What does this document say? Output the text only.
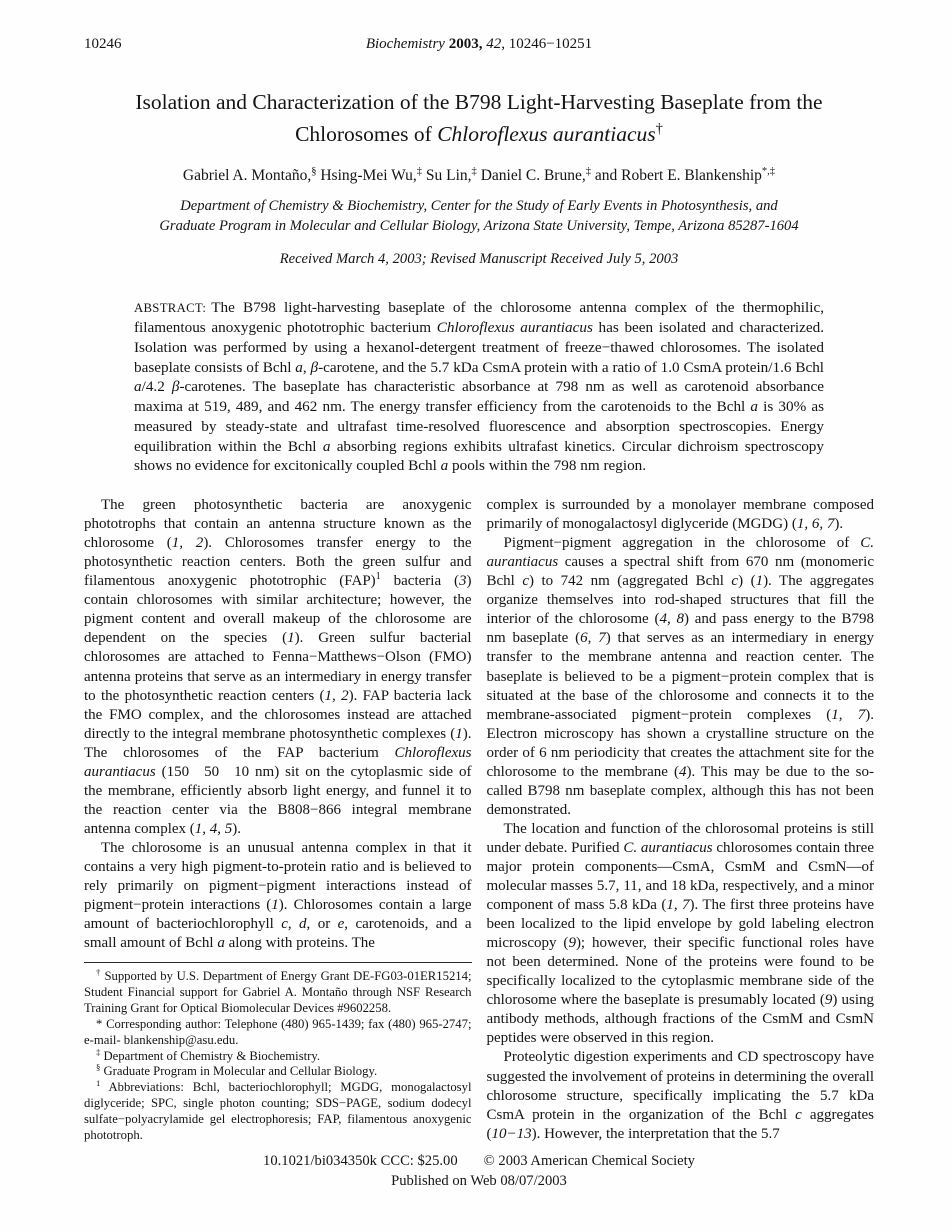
10246	Biochemistry 2003, 42, 10246−10251
Isolation and Characterization of the B798 Light-Harvesting Baseplate from the Chlorosomes of Chloroflexus aurantiacus†
Gabriel A. Montaño,§ Hsing-Mei Wu,‡ Su Lin,‡ Daniel C. Brune,‡ and Robert E. Blankenship*,‡
Department of Chemistry & Biochemistry, Center for the Study of Early Events in Photosynthesis, and
Graduate Program in Molecular and Cellular Biology, Arizona State University, Tempe, Arizona 85287-1604
Received March 4, 2003; Revised Manuscript Received July 5, 2003
ABSTRACT: The B798 light-harvesting baseplate of the chlorosome antenna complex of the thermophilic, filamentous anoxygenic phototrophic bacterium Chloroflexus aurantiacus has been isolated and characterized. Isolation was performed by using a hexanol-detergent treatment of freeze−thawed chlorosomes. The isolated baseplate consists of Bchl a, β-carotene, and the 5.7 kDa CsmA protein with a ratio of 1.0 CsmA protein/1.6 Bchl a/4.2 β-carotenes. The baseplate has characteristic absorbance at 798 nm as well as carotenoid absorbance maxima at 519, 489, and 462 nm. The energy transfer efficiency from the carotenoids to the Bchl a is 30% as measured by steady-state and ultrafast time-resolved fluorescence and absorption spectroscopies. Energy equilibration within the Bchl a absorbing regions exhibits ultrafast kinetics. Circular dichroism spectroscopy shows no evidence for excitonically coupled Bchl a pools within the 798 nm region.

The green photosynthetic bacteria are anoxygenic phototrophs that contain an antenna structure known as the chlorosome (1, 2). Chlorosomes transfer energy to the photosynthetic reaction centers. Both the green sulfur and filamentous anoxygenic phototrophic (FAP)$^1$ bacteria (3) contain chlorosomes with similar architecture; however, the pigment content and overall makeup of the chlorosome are dependent on the species (1). Green sulfur bacterial chlorosomes are attached to Fenna−Matthews−Olson (FMO) antenna proteins that serve as an intermediary in energy transfer to the photosynthetic reaction centers (1, 2). FAP bacteria lack the FMO complex, and the chlorosomes instead are attached directly to the integral membrane photosynthetic complexes (1). The chlorosomes of the FAP bacterium Chloroflexus aurantiacus (150  50  10 nm) sit on the cytoplasmic side of the membrane, efficiently absorb light energy, and funnel it to the reaction center via the B808−866 integral membrane antenna complex (1, 4, 5).

The chlorosome is an unusual antenna complex in that it contains a very high pigment-to-protein ratio and is believed to rely primarily on pigment−pigment interactions instead of pigment−protein interactions (1). Chlorosomes contain a large amount of bacteriochlorophyll c, d, or e, carotenoids, and a small amount of Bchl a along with proteins. The

† Supported by U.S. Department of Energy Grant DE-FG03-01ER15214; Student Financial support for Gabriel A. Montaño through NSF Research Training Grant for Optical Biomolecular Devices #9602258.

* Corresponding author: Telephone (480) 965-1439; fax (480) 965-2747; e-mail- blankenship@asu.edu.

‡ Department of Chemistry & Biochemistry.

§ Graduate Program in Molecular and Cellular Biology.

$^1$ Abbreviations: Bchl, bacteriochlorophyll; MGDG, monogalactosyl diglyceride; SPC, single photon counting; SDS−PAGE, sodium dodecyl sulfate−polyacrylamide gel electrophoresis; FAP, filamentous anoxygenic phototroph.

complex is surrounded by a monolayer membrane composed primarily of monogalactosyl diglyceride (MGDG) (1, 6, 7).

Pigment−pigment aggregation in the chlorosome of C. aurantiacus causes a spectral shift from 670 nm (monomeric Bchl c) to 742 nm (aggregated Bchl c) (1). The aggregates organize themselves into rod-shaped structures that fill the interior of the chlorosome (4, 8) and pass energy to the B798 nm baseplate (6, 7) that serves as an intermediary in energy transfer to the membrane antenna and reaction center. The baseplate is believed to be a pigment−protein complex that is situated at the base of the chlorosome and connects it to the membrane-associated pigment−protein complexes (1, 7). Electron microscopy has shown a crystalline structure on the order of 6 nm periodicity that creates the attachment site for the chlorosome to the membrane (4). This may be due to the so-called B798 nm baseplate complex, although this has not been demonstrated.

The location and function of the chlorosomal proteins is still under debate. Purified C. aurantiacus chlorosomes contain three major protein components—CsmA, CsmM and CsmN—of molecular masses 5.7, 11, and 18 kDa, respectively, and a minor component of mass 5.8 kDa (1, 7). The first three proteins have been localized to the lipid envelope by gold labeling electron microscopy (9); however, their specific functional roles have not been determined. None of the proteins were found to be specifically localized to the cytoplasmic membrane side of the chlorosome where the baseplate is presumably located (9) using antibody methods, although fractions of the CsmM and CsmN peptides were observed in this region.

Proteolytic digestion experiments and CD spectroscopy have suggested the involvement of proteins in determining the overall chlorosome structure, specifically implicating the 5.7 kDa CsmA protein in the organization of the Bchl c aggregates (10−13). However, the interpretation that the 5.7

10.1021/bi034350k CCC: $25.00 © 2003 American Chemical Society
Published on Web 08/07/2003
